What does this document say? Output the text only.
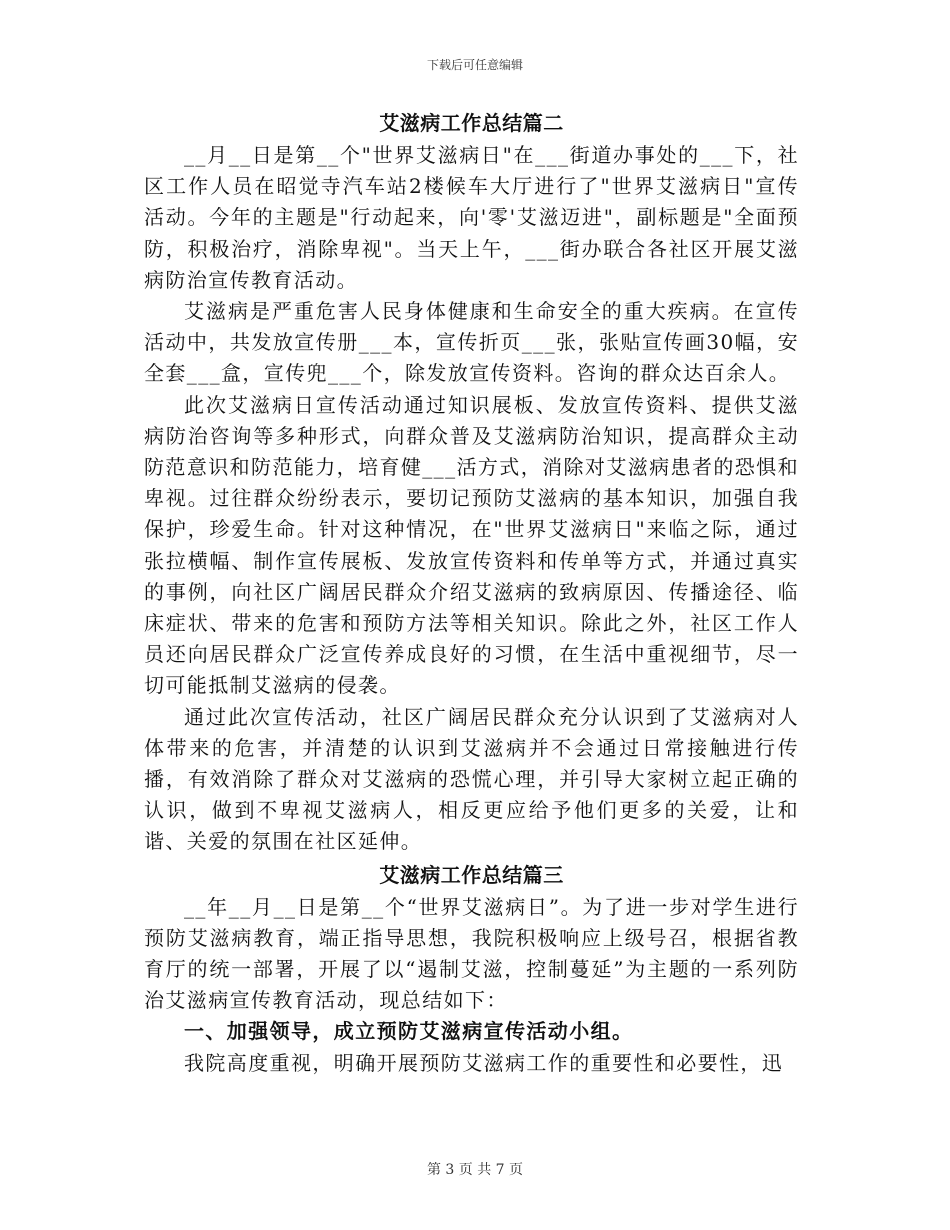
下载后可任意编辑
艾滋病工作总结篇二

__月__日是第__个"世界艾滋病日"在___街道办事处的___下，社区工作人员在昭觉寺汽车站2楼候车大厅进行了"世界艾滋病日"宣传活动。今年的主题是"行动起来，向'零'艾滋迈进"，副标题是"全面预防，积极治疗，消除卑视"。当天上午，___街办联合各社区开展艾滋病防治宣传教育活动。

艾滋病是严重危害人民身体健康和生命安全的重大疾病。在宣传活动中，共发放宣传册___本，宣传折页___张，张贴宣传画30幅，安全套___盒，宣传兜___个，除发放宣传资料。咨询的群众达百余人。

此次艾滋病日宣传活动通过知识展板、发放宣传资料、提供艾滋病防治咨询等多种形式，向群众普及艾滋病防治知识，提高群众主动防范意识和防范能力，培育健___活方式，消除对艾滋病患者的恐惧和卑视。过往群众纷纷表示，要切记预防艾滋病的基本知识，加强自我保护，珍爱生命。针对这种情况，在"世界艾滋病日"来临之际，通过张拉横幅、制作宣传展板、发放宣传资料和传单等方式，并通过真实的事例，向社区广阔居民群众介绍艾滋病的致病原因、传播途径、临床症状、带来的危害和预防方法等相关知识。除此之外，社区工作人员还向居民群众广泛宣传养成良好的习惯，在生活中重视细节，尽一切可能抵制艾滋病的侵袭。

通过此次宣传活动，社区广阔居民群众充分认识到了艾滋病对人体带来的危害，并清楚的认识到艾滋病并不会通过日常接触进行传播，有效消除了群众对艾滋病的恐慌心理，并引导大家树立起正确的认识，做到不卑视艾滋病人，相反更应给予他们更多的关爱，让和谐、关爱的氛围在社区延伸。

艾滋病工作总结篇三

__年__月__日是第__个“世界艾滋病日”。为了进一步对学生进行预防艾滋病教育，端正指导思想，我院积极响应上级号召，根据省教育厅的统一部署，开展了以“遏制艾滋，控制蔓延”为主题的一系列防治艾滋病宣传教育活动，现总结如下：

一、加强领导，成立预防艾滋病宣传活动小组。

我院高度重视，明确开展预防艾滋病工作的重要性和必要性，迅

第 3 页 共 7 页
